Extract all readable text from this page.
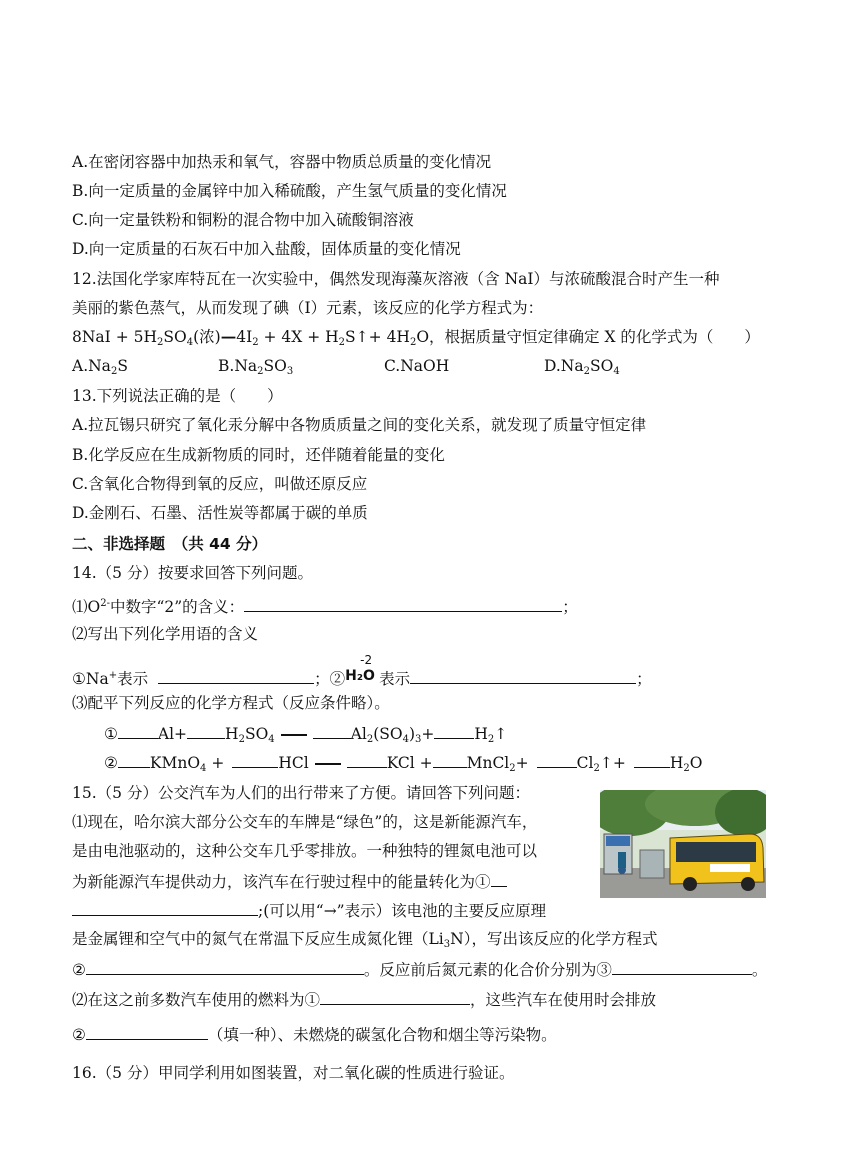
A.在密闭容器中加热汞和氧气，容器中物质总质量的变化情况
B.向一定质量的金属锌中加入稀硫酸，产生氢气质量的变化情况
C.向一定量铁粉和铜粉的混合物中加入硫酸铜溶液
D.向一定质量的石灰石中加入盐酸，固体质量的变化情况
12.法国化学家库特瓦在一次实验中，偶然发现海藻灰溶液（含 NaI）与浓硫酸混合时产生一种
美丽的紫色蒸气，从而发现了碘（I）元素，该反应的化学方程式为：
$8NaI + 5H_2SO_4$(浓)$—4I_2 + 4X$ + $H_2S↑+ 4H_2O$，根据质量守恒定律确定 X 的化学式为（　　）
$A.Na_2S$	$B.Na_2SO_3$	C.NaOH	$D.Na_2SO_4$
13.下列说法正确的是（　　）
A.拉瓦锡只研究了氧化汞分解中各物质质量之间的变化关系，就发现了质量守恒定律
B.化学反应在生成新物质的同时，还伴随着能量的变化
C.含氧化合物得到氧的反应，叫做还原反应
D.金刚石、石墨、活性炭等都属于碳的单质
二、非选择题　（共 44 分）
14.（5 分）按要求回答下列问题。
$⑴O^{2-}$中数字“2”的含义：	；
⑵写出下列化学用语的含义
①Na+表示	；②
-2
H₂O 表示	；
⑶配平下列反应的化学方程式（反应条件略）。
①	$Al+ H_2SO_4$	$Al_2(SO_4)_3+$	$H_2↑$
② KMnO$_4$ +	HCl	KCl + MnCl$_2$+	$Cl_2↑+$	$H_2O$
15.（5 分）公交汽车为人们的出行带来了方便。请回答下列问题：
⑴现在，哈尔滨大部分公交车的车牌是“绿色”的，这是新能源汽车，
是由电池驱动的，这种公交车几乎零排放。一种独特的锂氮电池可以
为新能源汽车提供动力，该汽车在行驶过程中的能量转化为①
;(可以用“→”表示）该电池的主要反应原理
是金属锂和空气中的氮气在常温下反应生成氮化锂$(Li_3N)$，写出该反应的化学方程式
②	。反应前后氮元素的化合价分别为③	。
⑵在这之前多数汽车使用的燃料为①	，这些汽车在使用时会排放
②	（填一种）、未燃烧的碳氢化合物和烟尘等污染物。
16.（5 分）甲同学利用如图装置，对二氧化碳的性质进行验证。
